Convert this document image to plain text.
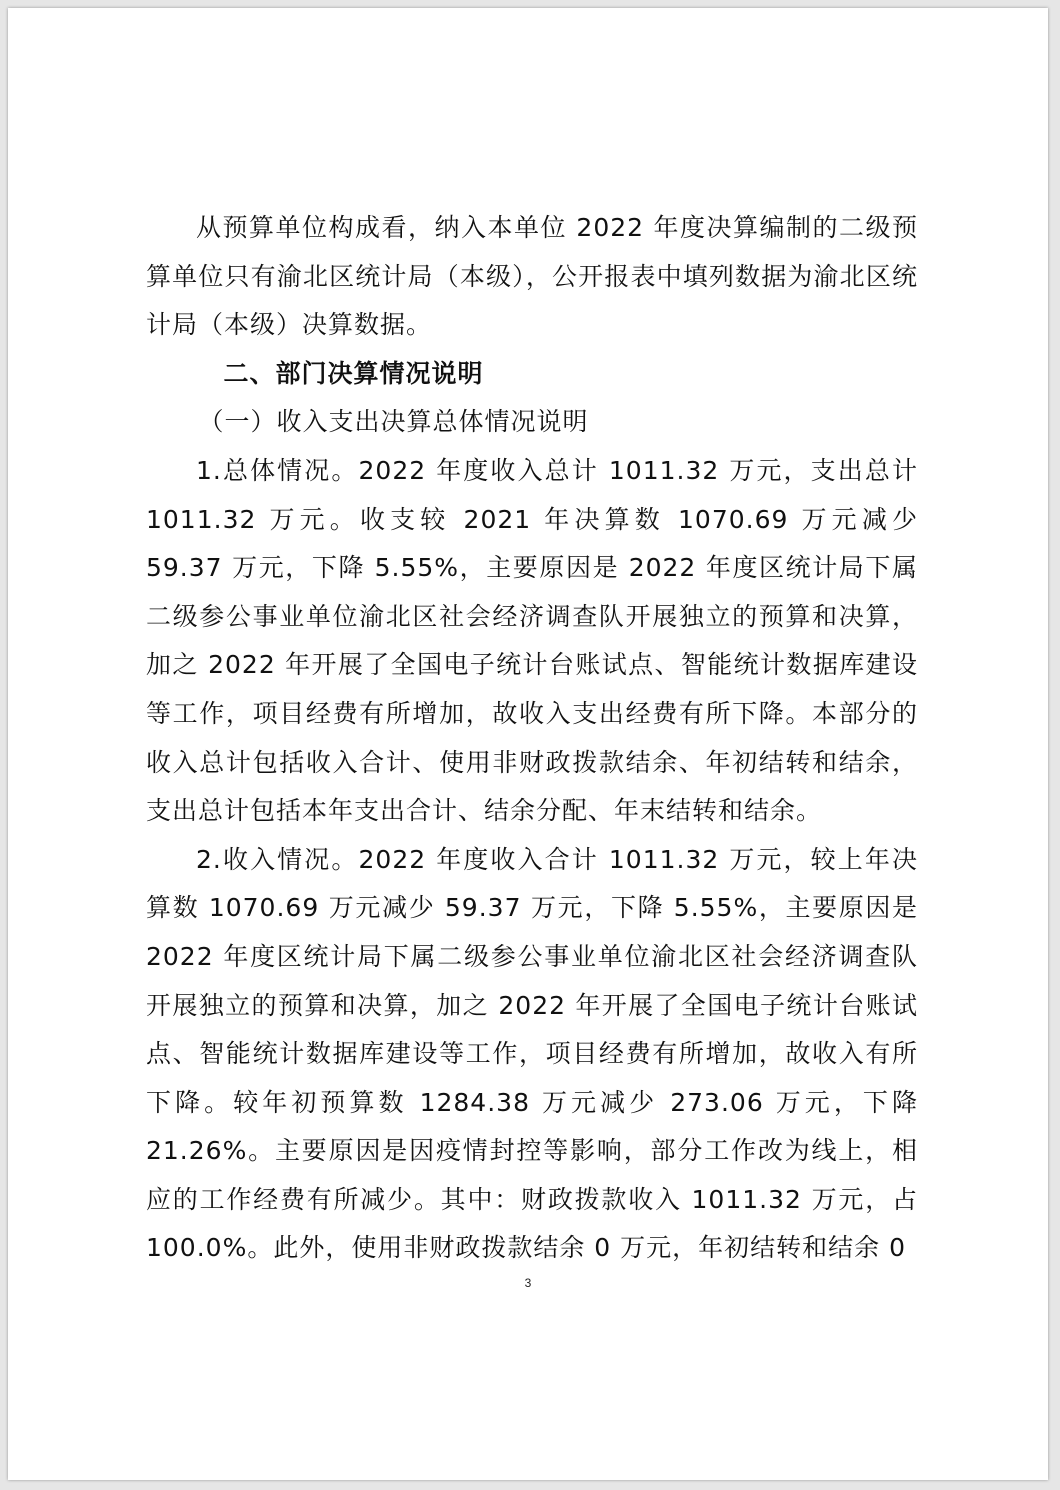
从预算单位构成看，纳入本单位 2022 年度决算编制的二级预算单位只有渝北区统计局（本级），公开报表中填列数据为渝北区统计局（本级）决算数据。

二、部门决算情况说明

（一）收入支出决算总体情况说明

1.总体情况。2022 年度收入总计 1011.32 万元，支出总计 1011.32 万元。收支较 2021 年决算数 1070.69 万元减少 59.37 万元，下降 5.55%，主要原因是 2022 年度区统计局下属二级参公事业单位渝北区社会经济调查队开展独立的预算和决算，加之 2022 年开展了全国电子统计台账试点、智能统计数据库建设等工作，项目经费有所增加，故收入支出经费有所下降。本部分的收入总计包括收入合计、使用非财政拨款结余、年初结转和结余，支出总计包括本年支出合计、结余分配、年末结转和结余。

2.收入情况。2022 年度收入合计 1011.32 万元，较上年决算数 1070.69 万元减少 59.37 万元，下降 5.55%，主要原因是 2022 年度区统计局下属二级参公事业单位渝北区社会经济调查队开展独立的预算和决算，加之 2022 年开展了全国电子统计台账试点、智能统计数据库建设等工作，项目经费有所增加，故收入有所下降。较年初预算数 1284.38 万元减少 273.06 万元，下降 21.26%。主要原因是因疫情封控等影响，部分工作改为线上，相应的工作经费有所减少。其中：财政拨款收入 1011.32 万元，占 100.0%。此外，使用非财政拨款结余 0 万元，年初结转和结余 0

3
